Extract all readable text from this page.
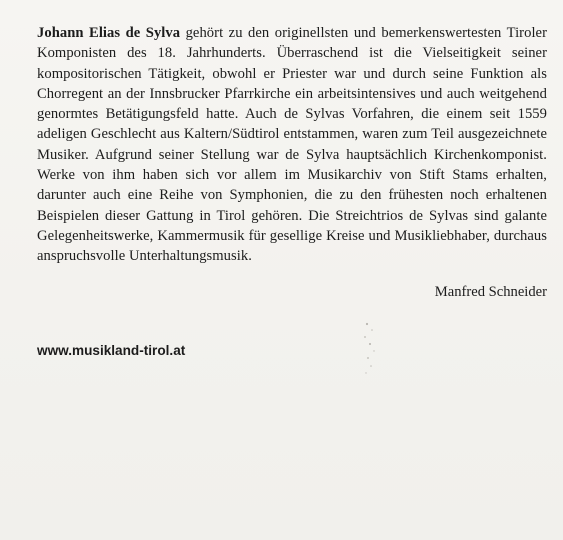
Johann Elias de Sylva gehört zu den originellsten und bemerkenswertesten Tiroler Komponisten des 18. Jahrhunderts. Überraschend ist die Vielseitigkeit seiner kompositorischen Tätigkeit, obwohl er Priester war und durch seine Funktion als Chorregent an der Innsbrucker Pfarrkirche ein arbeitsintensives und auch weitgehend genormtes Betätigungsfeld hatte. Auch de Sylvas Vorfahren, die einem seit 1559 adeligen Geschlecht aus Kaltern/Südtirol entstammen, waren zum Teil ausgezeichnete Musiker. Aufgrund seiner Stellung war de Sylva hauptsächlich Kirchenkomponist. Werke von ihm haben sich vor allem im Musikarchiv von Stift Stams erhalten, darunter auch eine Reihe von Symphonien, die zu den frühesten noch erhaltenen Beispielen dieser Gattung in Tirol gehören. Die Streichtrios de Sylvas sind galante Gelegenheitswerke, Kammermusik für gesellige Kreise und Musikliebhaber, durchaus anspruchsvolle Unterhaltungsmusik.

Manfred Schneider
www.musikland-tirol.at
